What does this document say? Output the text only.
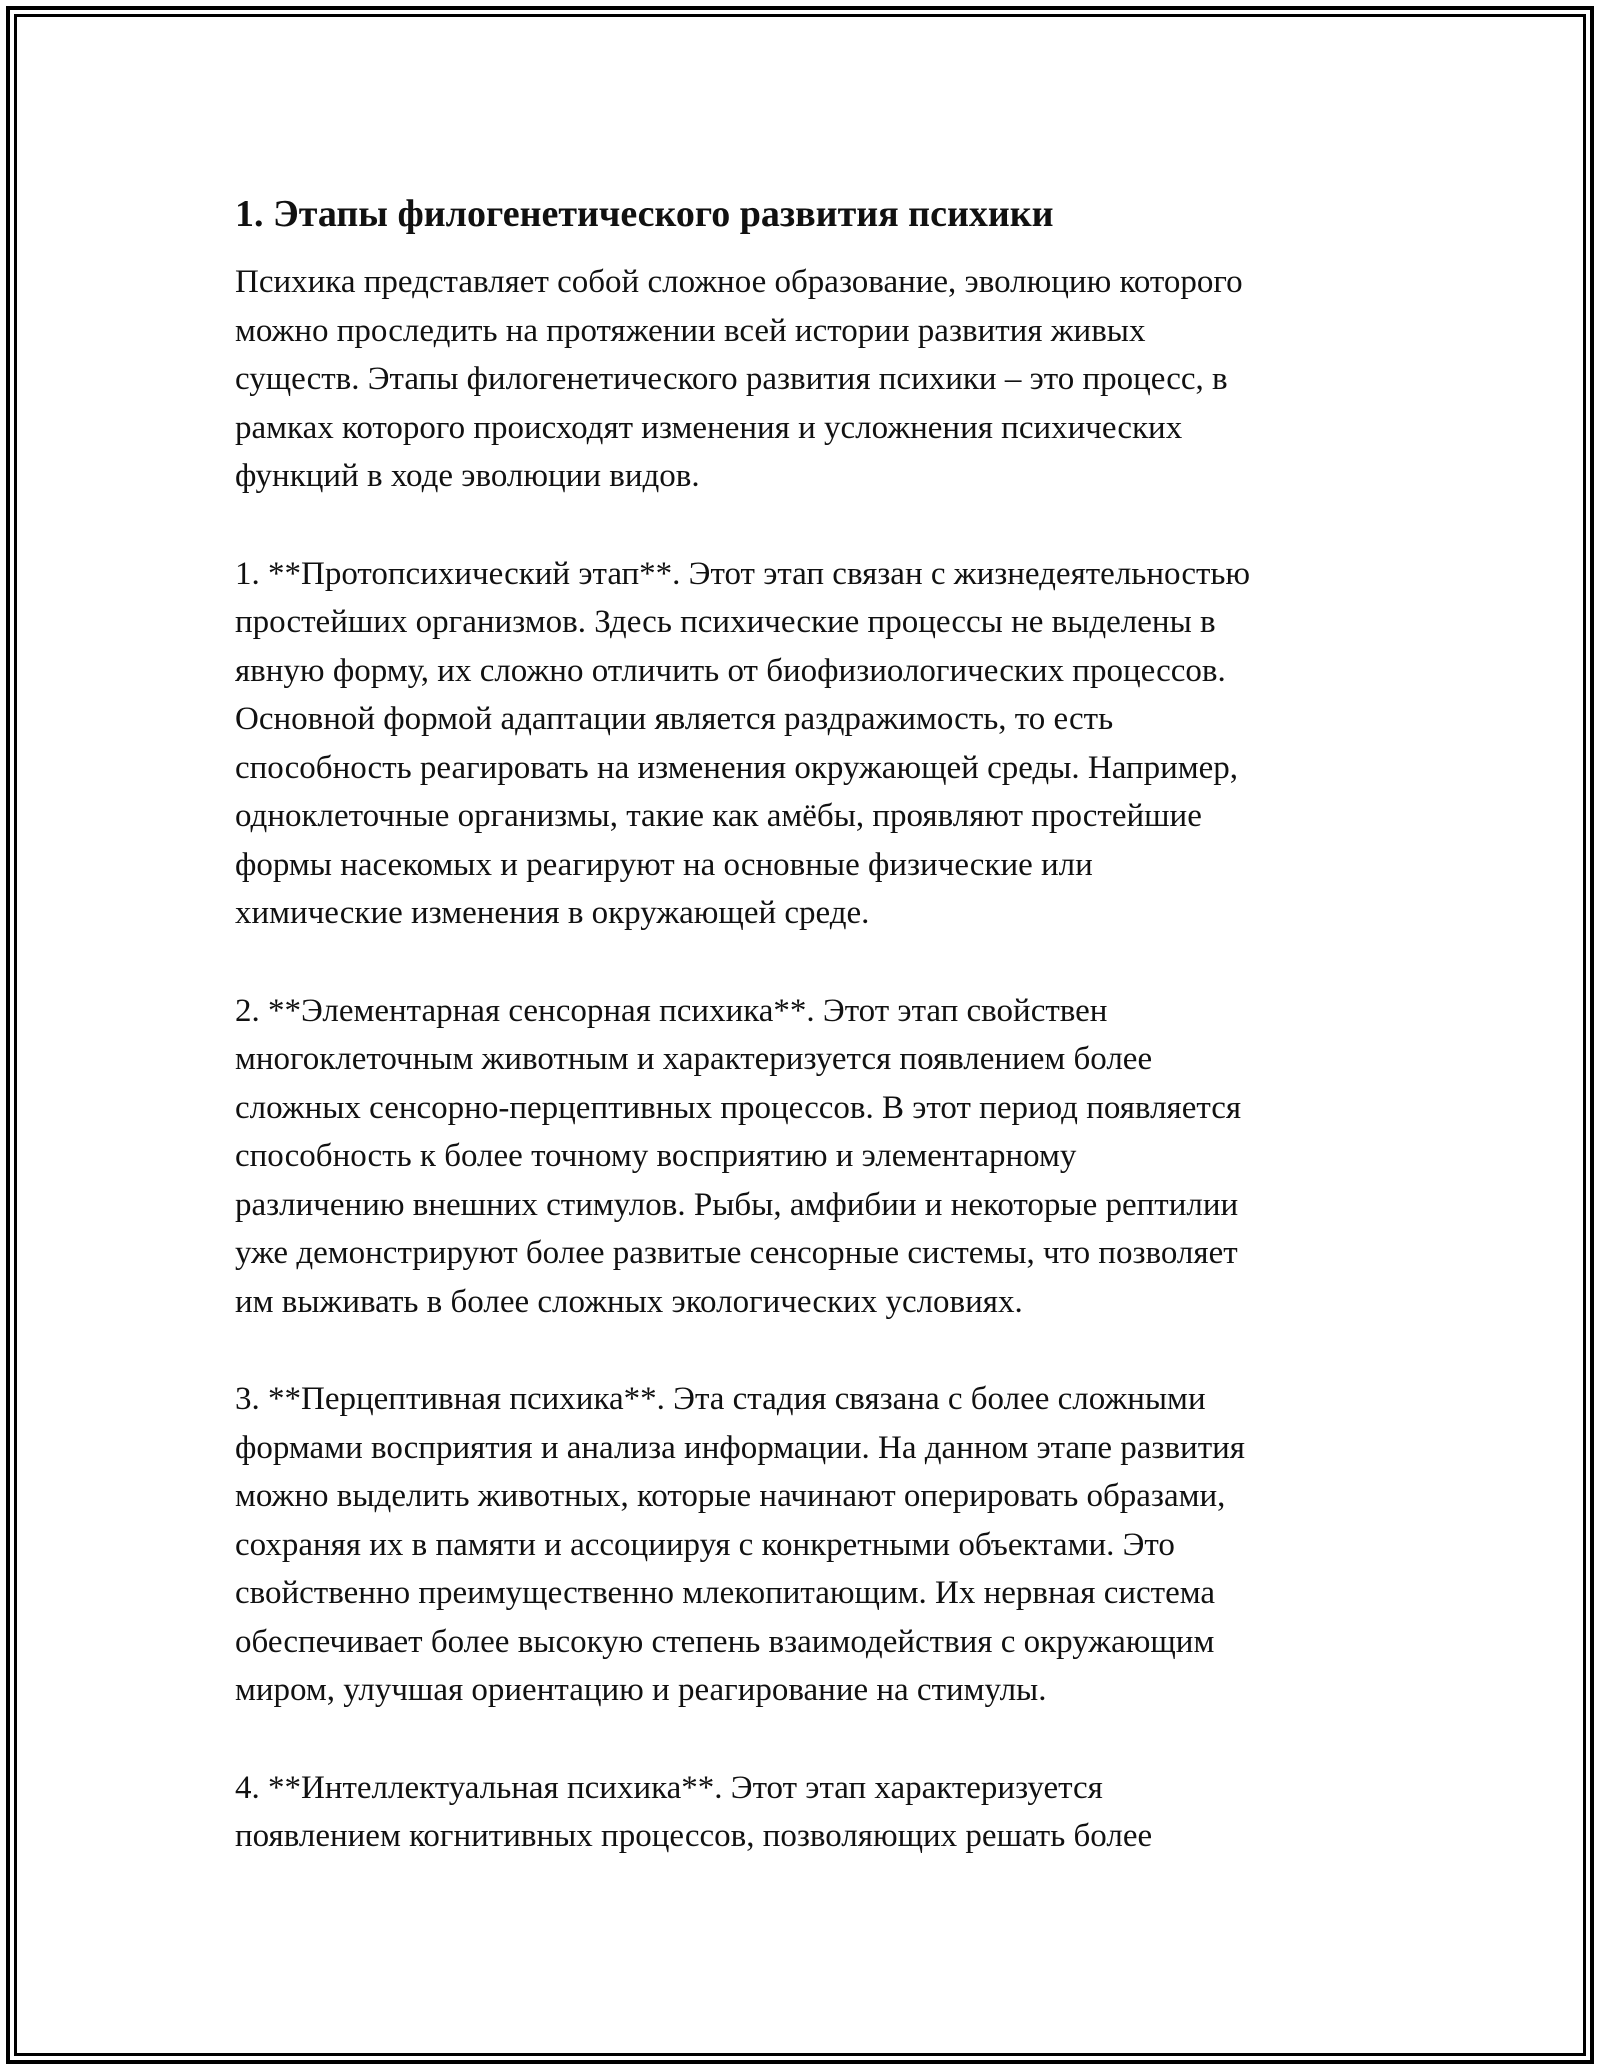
1. Этапы филогенетического развития психики

Психика представляет собой сложное образование, эволюцию которого
можно проследить на протяжении всей истории развития живых
существ. Этапы филогенетического развития психики – это процесс, в
рамках которого происходят изменения и усложнения психических
функций в ходе эволюции видов.

1. **Протопсихический этап**. Этот этап связан с жизнедеятельностью
простейших организмов. Здесь психические процессы не выделены в
явную форму, их сложно отличить от биофизиологических процессов.
Основной формой адаптации является раздражимость, то есть
способность реагировать на изменения окружающей среды. Например,
одноклеточные организмы, такие как амёбы, проявляют простейшие
формы насекомых и реагируют на основные физические или
химические изменения в окружающей среде.

2. **Элементарная сенсорная психика**. Этот этап свойствен
многоклеточным животным и характеризуется появлением более
сложных сенсорно-перцептивных процессов. В этот период появляется
способность к более точному восприятию и элементарному
различению внешних стимулов. Рыбы, амфибии и некоторые рептилии
уже демонстрируют более развитые сенсорные системы, что позволяет
им выживать в более сложных экологических условиях.

3. **Перцептивная психика**. Эта стадия связана с более сложными
формами восприятия и анализа информации. На данном этапе развития
можно выделить животных, которые начинают оперировать образами,
сохраняя их в памяти и ассоциируя с конкретными объектами. Это
свойственно преимущественно млекопитающим. Их нервная система
обеспечивает более высокую степень взаимодействия с окружающим
миром, улучшая ориентацию и реагирование на стимулы.

4. **Интеллектуальная психика**. Этот этап характеризуется
появлением когнитивных процессов, позволяющих решать более
